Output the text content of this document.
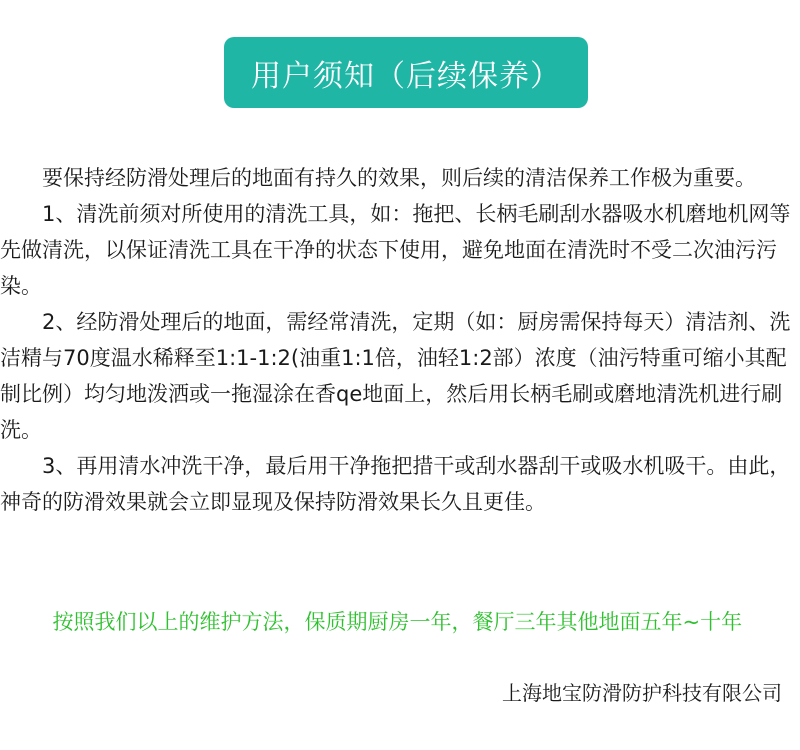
用户须知（后续保养）

要保持经防滑处理后的地面有持久的效果，则后续的清洁保养工作极为重要。

1、清洗前须对所使用的清洗工具，如：拖把、长柄毛刷刮水器吸水机磨地机网等先做清洗，以保证清洗工具在干净的状态下使用，避免地面在清洗时不受二次油污污染。

2、经防滑处理后的地面，需经常清洗，定期（如：厨房需保持每天）清洁剂、洗洁精与70度温水稀释至1:1-1:2(油重1:1倍，油轻1:2部）浓度（油污特重可缩小其配制比例）均匀地泼洒或一拖湿涂在香qe地面上，然后用长柄毛刷或磨地清洗机进行刷洗。

3、再用清水冲洗干净，最后用干净拖把措干或刮水器刮干或吸水机吸干。由此，神奇的防滑效果就会立即显现及保持防滑效果长久且更佳。

按照我们以上的维护方法，保质期厨房一年，餐厅三年其他地面五年~十年

上海地宝防滑防护科技有限公司
